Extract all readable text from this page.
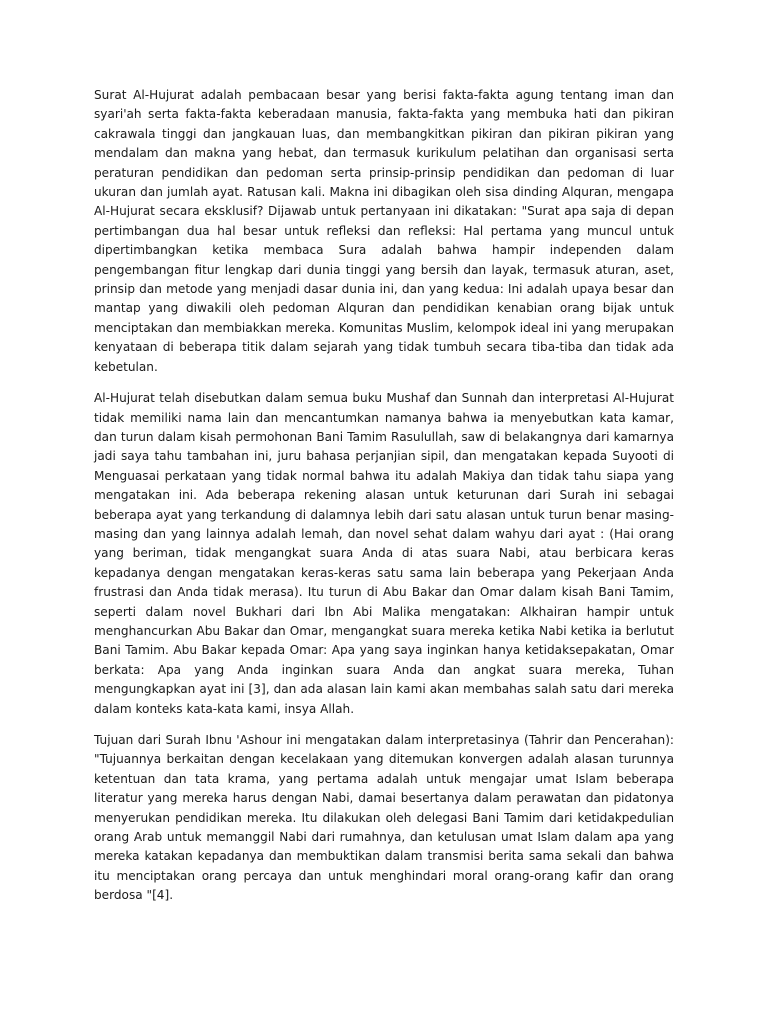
Surat Al-Hujurat adalah pembacaan besar yang berisi fakta-fakta agung tentang iman dan syari'ah serta fakta-fakta keberadaan manusia, fakta-fakta yang membuka hati dan pikiran cakrawala tinggi dan jangkauan luas, dan membangkitkan pikiran dan pikiran pikiran yang mendalam dan makna yang hebat, dan termasuk kurikulum pelatihan dan organisasi serta peraturan pendidikan dan pedoman serta prinsip-prinsip pendidikan dan pedoman di luar ukuran dan jumlah ayat. Ratusan kali. Makna ini dibagikan oleh sisa dinding Alquran, mengapa Al-Hujurat secara eksklusif? Dijawab untuk pertanyaan ini dikatakan: "Surat apa saja di depan pertimbangan dua hal besar untuk refleksi dan refleksi: Hal pertama yang muncul untuk dipertimbangkan ketika membaca Sura adalah bahwa hampir independen dalam pengembangan fitur lengkap dari dunia tinggi yang bersih dan layak, termasuk aturan, aset, prinsip dan metode yang menjadi dasar dunia ini, dan yang kedua: Ini adalah upaya besar dan mantap yang diwakili oleh pedoman Alquran dan pendidikan kenabian orang bijak untuk menciptakan dan membiakkan mereka. Komunitas Muslim, kelompok ideal ini yang merupakan kenyataan di beberapa titik dalam sejarah yang tidak tumbuh secara tiba-tiba dan tidak ada kebetulan.

Al-Hujurat telah disebutkan dalam semua buku Mushaf dan Sunnah dan interpretasi Al-Hujurat tidak memiliki nama lain dan mencantumkan namanya bahwa ia menyebutkan kata kamar, dan turun dalam kisah permohonan Bani Tamim Rasulullah, saw di belakangnya dari kamarnya jadi saya tahu tambahan ini, juru bahasa perjanjian sipil, dan mengatakan kepada Suyooti di Menguasai perkataan yang tidak normal bahwa itu adalah Makiya dan tidak tahu siapa yang mengatakan ini. Ada beberapa rekening alasan untuk keturunan dari Surah ini sebagai beberapa ayat yang terkandung di dalamnya lebih dari satu alasan untuk turun benar masing-masing dan yang lainnya adalah lemah, dan novel sehat dalam wahyu dari ayat : (Hai orang yang beriman, tidak mengangkat suara Anda di atas suara Nabi, atau berbicara keras kepadanya dengan mengatakan keras-keras satu sama lain beberapa yang Pekerjaan Anda frustrasi dan Anda tidak merasa). Itu turun di Abu Bakar dan Omar dalam kisah Bani Tamim, seperti dalam novel Bukhari dari Ibn Abi Malika mengatakan: Alkhairan hampir untuk menghancurkan Abu Bakar dan Omar, mengangkat suara mereka ketika Nabi ketika ia berlutut Bani Tamim. Abu Bakar kepada Omar: Apa yang saya inginkan hanya ketidaksepakatan, Omar berkata: Apa yang Anda inginkan suara Anda dan angkat suara mereka, Tuhan mengungkapkan ayat ini [3], dan ada alasan lain kami akan membahas salah satu dari mereka dalam konteks kata-kata kami, insya Allah.

Tujuan dari Surah Ibnu 'Ashour ini mengatakan dalam interpretasinya (Tahrir dan Pencerahan): "Tujuannya berkaitan dengan kecelakaan yang ditemukan konvergen adalah alasan turunnya ketentuan dan tata krama, yang pertama adalah untuk mengajar umat Islam beberapa literatur yang mereka harus dengan Nabi, damai besertanya dalam perawatan dan pidatonya menyerukan pendidikan mereka. Itu dilakukan oleh delegasi Bani Tamim dari ketidakpedulian orang Arab untuk memanggil Nabi dari rumahnya, dan ketulusan umat Islam dalam apa yang mereka katakan kepadanya dan membuktikan dalam transmisi berita sama sekali dan bahwa itu menciptakan orang percaya dan untuk menghindari moral orang-orang kafir dan orang berdosa "[4].
